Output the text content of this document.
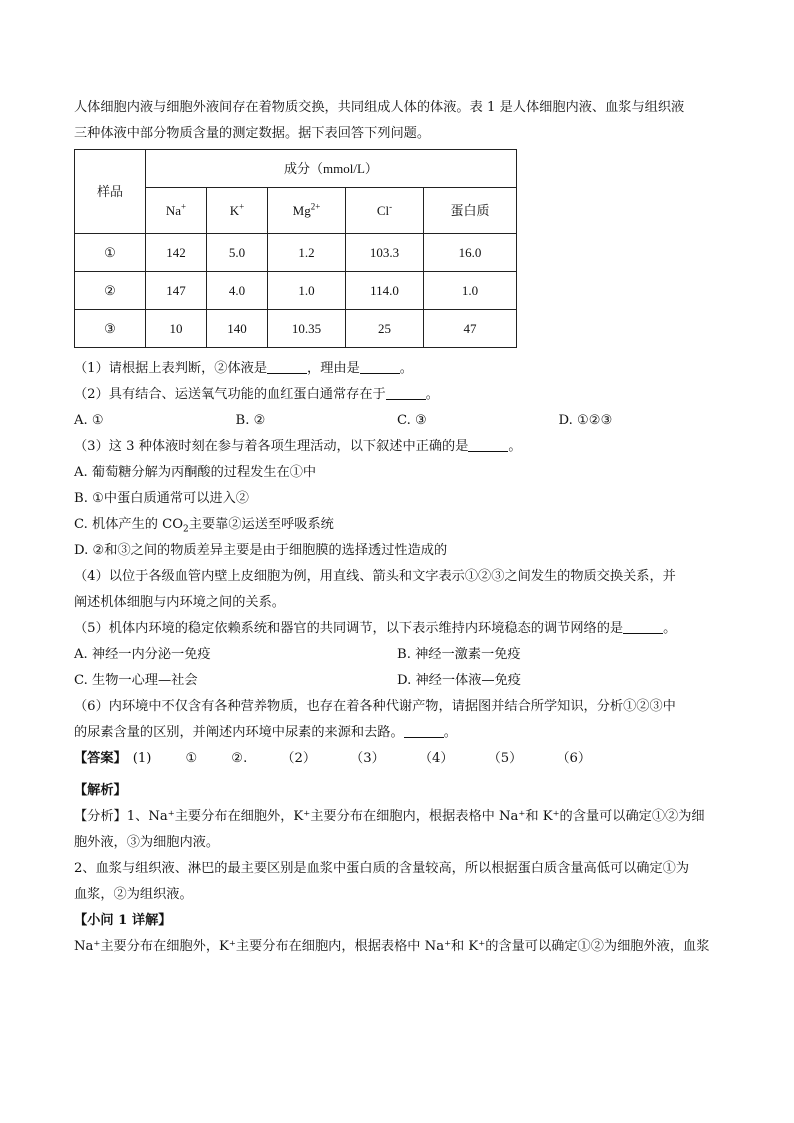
人体细胞内液与细胞外液间存在着物质交换，共同组成人体的体液。表 1 是人体细胞内液、血浆与组织液

三种体液中部分物质含量的测定数据。据下表回答下列问题。

样品	成分（mmol/L）				
	Na+	K+	$Mg^{2+}$	Cl-	蛋白质
①	142	5.0	1.2	103.3	16.0
②	147	4.0	1.0	114.0	1.0
③	10	140	10.35	25	47

（1）请根据上表判断，②体液是	，理由是	。

（2）具有结合、运送氧气功能的血红蛋白通常存在于	。

A. ①	B. ②	C. ③	D. ①②③

（3）这 3 种体液时刻在参与着各项生理活动，以下叙述中正确的是	。

A. 葡萄糖分解为丙酮酸的过程发生在①中

B. ①中蛋白质通常可以进入②

C. 机体产生的 $CO_2$主要靠②运送至呼吸系统

D. ②和③之间的物质差异主要是由于细胞膜的选择透过性造成的

（4）以位于各级血管内壁上皮细胞为例，用直线、箭头和文字表示①②③之间发生的物质交换关系，并

阐述机体细胞与内环境之间的关系。

（5）机体内环境的稳定依赖系统和器官的共同调节，以下表示维持内环境稳态的调节网络的是	。

A. 神经一内分泌一免疫	B. 神经一激素一免疫

C. 生物一心理—社会	D. 神经一体液—免疫

（6）内环境中不仅含有各种营养物质，也存在着各种代谢产物，请据图并结合所学知识，分析①②③中

的尿素含量的区别，并阐述内环境中尿素的来源和去路。	。

【答案】 (1)	①	②.	（2）	（3）	（4）	（5）	（6）

【解析】

【分析】1、Na⁺主要分布在细胞外，K⁺主要分布在细胞内，根据表格中 Na⁺和 K⁺的含量可以确定①②为细

胞外液，③为细胞内液。

2、血浆与组织液、淋巴的最主要区别是血浆中蛋白质的含量较高，所以根据蛋白质含量高低可以确定①为

血浆，②为组织液。

【小问 1 详解】

Na⁺主要分布在细胞外，K⁺主要分布在细胞内，根据表格中 Na⁺和 K⁺的含量可以确定①②为细胞外液，血浆
